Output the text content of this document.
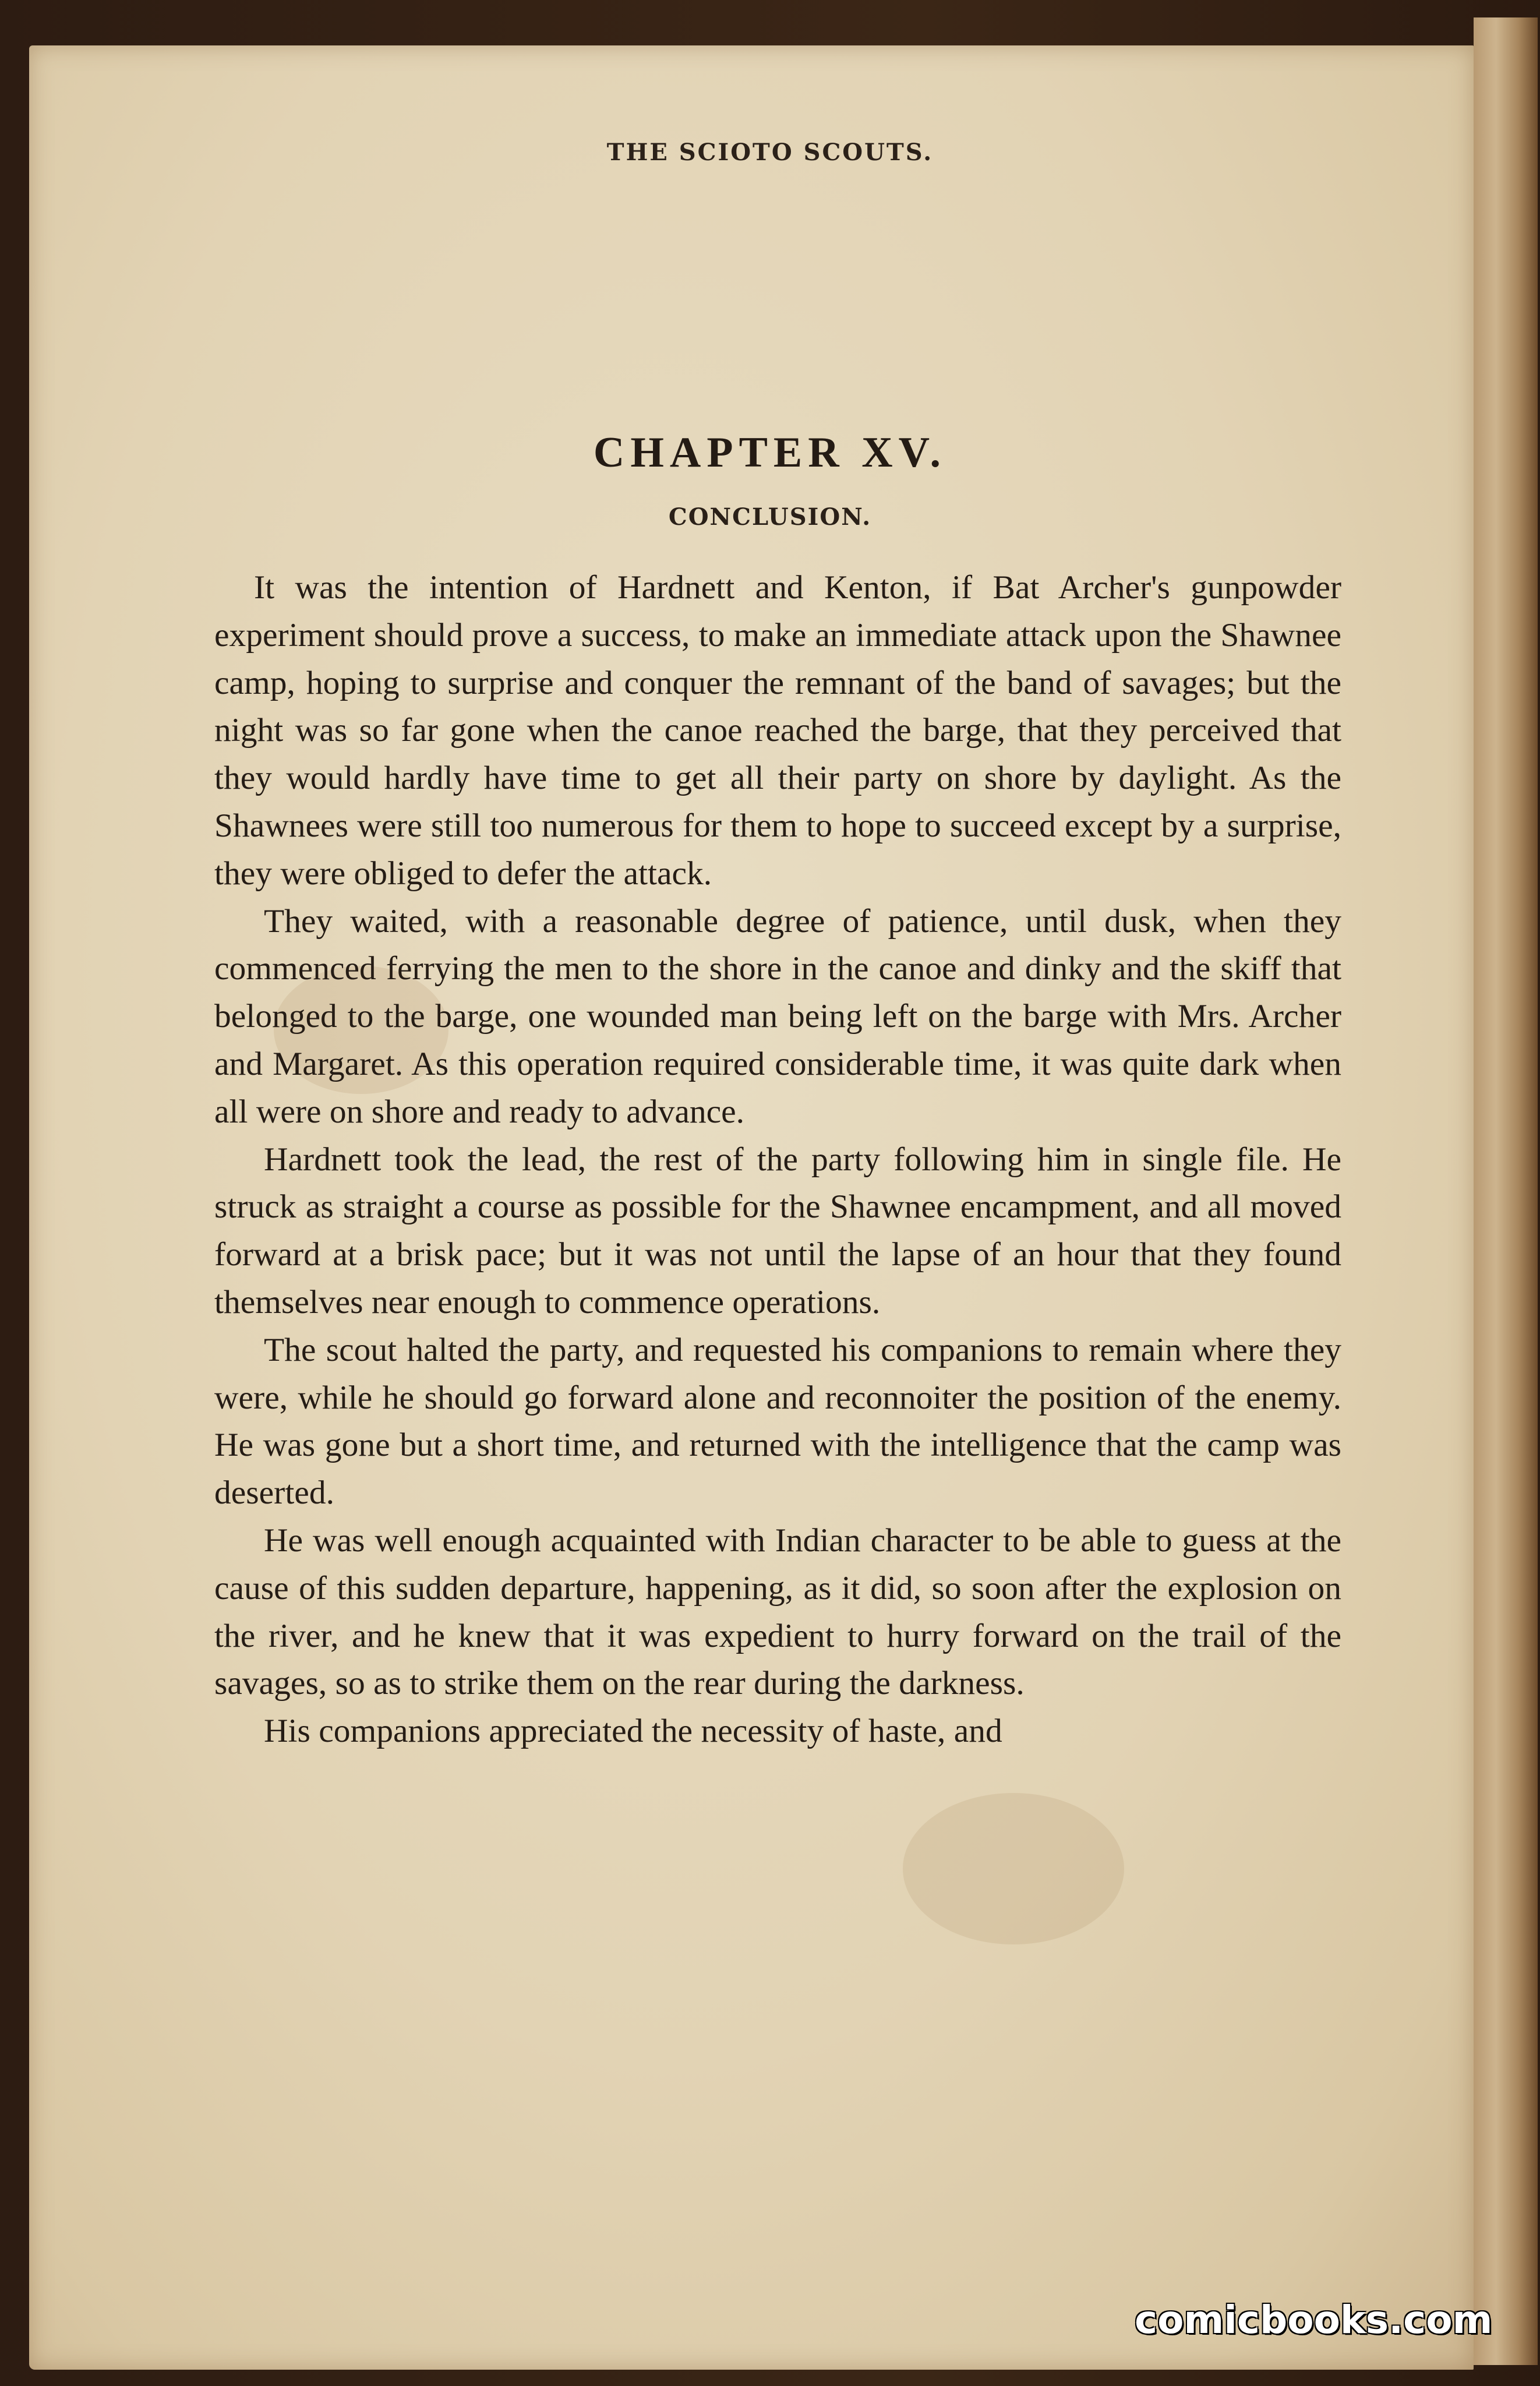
THE SCIOTO SCOUTS.
CHAPTER XV.
CONCLUSION.

It was the intention of Hardnett and Kenton, if Bat Archer's gunpowder experiment should prove a success, to make an immediate attack upon the Shawnee camp, hoping to surprise and conquer the remnant of the band of savages; but the night was so far gone when the canoe reached the barge, that they perceived that they would hardly have time to get all their party on shore by daylight. As the Shawnees were still too numerous for them to hope to succeed except by a surprise, they were obliged to defer the attack.

They waited, with a reasonable degree of patience, until dusk, when they commenced ferrying the men to the shore in the canoe and dinky and the skiff that belonged to the barge, one wounded man being left on the barge with Mrs. Archer and Margaret. As this operation required considerable time, it was quite dark when all were on shore and ready to advance.

Hardnett took the lead, the rest of the party following him in single file. He struck as straight a course as possible for the Shawnee encampment, and all moved forward at a brisk pace; but it was not until the lapse of an hour that they found themselves near enough to commence operations.

The scout halted the party, and requested his companions to remain where they were, while he should go forward alone and reconnoiter the position of the enemy. He was gone but a short time, and returned with the intelligence that the camp was deserted.

He was well enough acquainted with Indian character to be able to guess at the cause of this sudden departure, happening, as it did, so soon after the explosion on the river, and he knew that it was expedient to hurry forward on the trail of the savages, so as to strike them on the rear during the darkness.

His companions appreciated the necessity of haste, and

comicbooks.com
